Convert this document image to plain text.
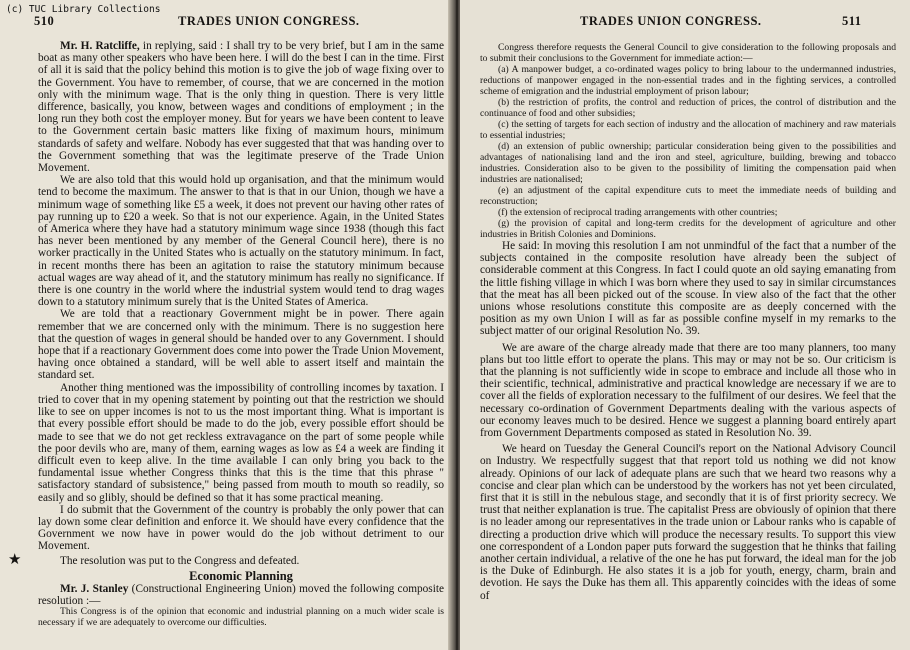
(c) TUC Library Collections
510	TRADES UNION CONGRESS.

Mr. H. Ratcliffe, in replying, said : I shall try to be very brief, but I am in the same boat as many other speakers who have been here. I will do the best I can in the time. First of all it is said that the policy behind this motion is to give the job of wage fixing over to the Government. You have to remember, of course, that we are concerned in the motion only with the minimum wage. That is the only thing in question. There is very little difference, basically, you know, between wages and conditions of employment ; in the long run they both cost the employer money. But for years we have been content to leave to the Government certain basic matters like fixing of maximum hours, minimum standards of safety and welfare. Nobody has ever suggested that that was handing over to the Government something that was the legitimate preserve of the Trade Union Movement.

We are also told that this would hold up organisation, and that the minimum would tend to become the maximum. The answer to that is that in our Union, though we have a minimum wage of something like £5 a week, it does not prevent our having other rates of pay running up to £20 a week. So that is not our experience. Again, in the United States of America where they have had a statutory minimum wage since 1938 (though this fact has never been mentioned by any member of the General Council here), there is no worker practically in the United States who is actually on the statutory minimum. In fact, in recent months there has been an agitation to raise the statutory minimum because actual wages are way ahead of it, and the statutory minimum has really no significance. If there is one country in the world where the industrial system would tend to drag wages down to a statutory minimum surely that is the United States of America.

We are told that a reactionary Government might be in power. There again remember that we are concerned only with the minimum. There is no suggestion here that the question of wages in general should be handed over to any Government. I should hope that if a reactionary Government does come into power the Trade Union Movement, having once obtained a standard, will be well able to assert itself and maintain the standard set.

Another thing mentioned was the impossibility of controlling incomes by taxation. I tried to cover that in my opening statement by pointing out that the restriction we should like to see on upper incomes is not to us the most important thing. What is important is that every possible effort should be made to do the job, every possible effort should be made to see that we do not get reckless extravagance on the part of some people while the poor devils who are, many of them, earning wages as low as £4 a week are finding it difficult even to keep alive. In the time available I can only bring you back to the fundamental issue whether Congress thinks that this is the time that this phrase " satisfactory standard of subsistence," being passed from mouth to mouth so readily, so easily and so glibly, should be defined so that it has some practical meaning.

I do submit that the Government of the country is probably the only power that can lay down some clear definition and enforce it. We should have every confidence that the Government we now have in power would do the job without detriment to our Movement.

★	The resolution was put to the Congress and defeated.

Economic Planning

Mr. J. Stanley (Constructional Engineering Union) moved the following composite resolution :—

This Congress is of the opinion that economic and industrial planning on a much wider scale is necessary if we are adequately to overcome our difficulties.

TRADES UNION CONGRESS.	511

Congress therefore requests the General Council to give consideration to the following proposals and to submit their conclusions to the Government for immediate action:—

(a) A manpower budget, a co-ordinated wages policy to bring labour to the undermanned industries, reductions of manpower engaged in the non-essential trades and in the fighting services, a controlled scheme of emigration and the industrial employment of prison labour;

(b) the restriction of profits, the control and reduction of prices, the control of distribution and the continuance of food and other subsidies;

(c) the setting of targets for each section of industry and the allocation of machinery and raw materials to essential industries;

(d) an extension of public ownership; particular consideration being given to the possibilities and advantages of nationalising land and the iron and steel, agriculture, building, brewing and tobacco industries. Consideration also to be given to the possibility of limiting the compensation paid when industries are nationalised;

(e) an adjustment of the capital expenditure cuts to meet the immediate needs of building and reconstruction;

(f) the extension of reciprocal trading arrangements with other countries;

(g) the provision of capital and long-term credits for the development of agriculture and other industries in British Colonies and Dominions.

He said: In moving this resolution I am not unmindful of the fact that a number of the subjects contained in the composite resolution have already been the subject of considerable comment at this Congress. In fact I could quote an old saying emanating from the little fishing village in which I was born where they used to say in similar circumstances that the meat has all been picked out of the scouse. In view also of the fact that the other unions whose resolutions constitute this composite are as deeply concerned with the position as my own Union I will as far as possible confine myself in my remarks to the subject matter of our original Resolution No. 39.

We are aware of the charge already made that there are too many planners, too many plans but too little effort to operate the plans. This may or may not be so. Our criticism is that the planning is not sufficiently wide in scope to embrace and include all those who in their scientific, technical, administrative and practical knowledge are necessary if we are to cover all the fields of exploration necessary to the fulfilment of our desires. We feel that the necessary co-ordination of Government Departments dealing with the various aspects of our economy leaves much to be desired. Hence we suggest a planning board entirely apart from Government Departments composed as stated in Resolution No. 39.

We heard on Tuesday the General Council's report on the National Advisory Council on Industry. We respectfully suggest that that report told us nothing we did not know already. Opinions of our lack of adequate plans are such that we heard two reasons why a concise and clear plan which can be understood by the workers has not yet been circulated, first that it is still in the nebulous stage, and secondly that it is of first priority secrecy. We trust that neither explanation is true. The capitalist Press are obviously of opinion that there is no leader among our representatives in the trade union or Labour ranks who is capable of directing a production drive which will produce the necessary results. To support this view one correspondent of a London paper puts forward the suggestion that he thinks that failing another certain individual, a relative of the one he has put forward, the ideal man for the job is the Duke of Edinburgh. He also states it is a job for youth, energy, charm, brain and devotion. He says the Duke has them all. This apparently coincides with the ideas of some of
